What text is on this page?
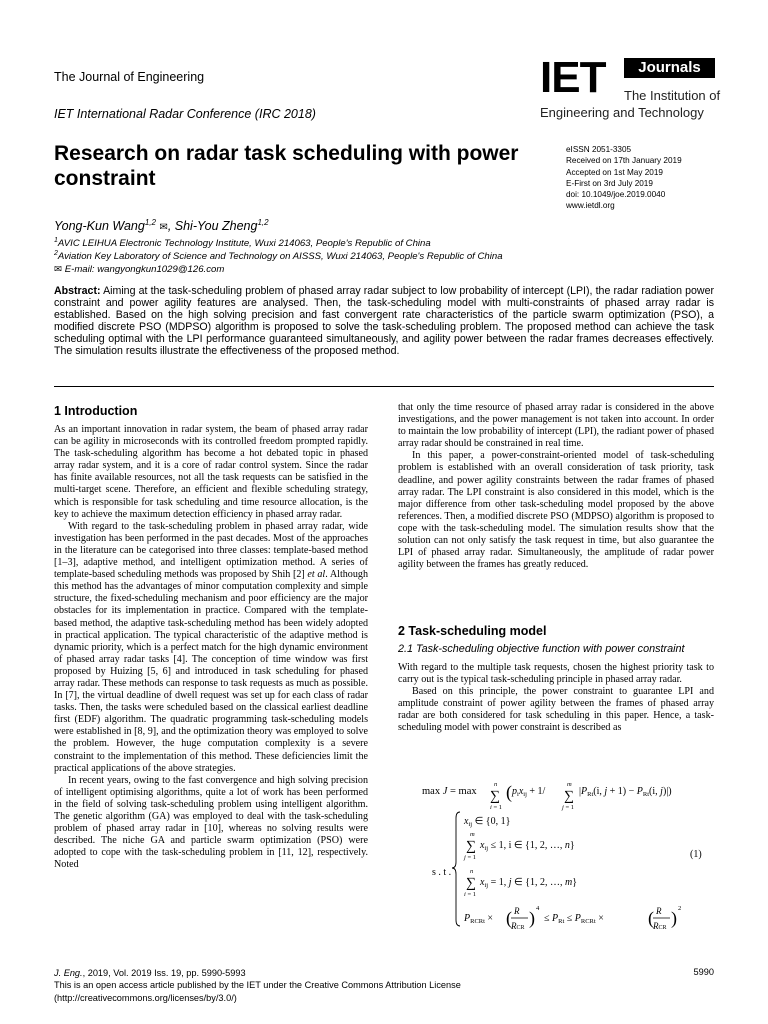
The Journal of Engineering
IET International Radar Conference (IRC 2018)
IET	Journals
The Institution of
Engineering and Technology
Research on radar task scheduling with power constraint
eISSN 2051-3305
Received on 17th January 2019
Accepted on 1st May 2019
E-First on 3rd July 2019
doi: 10.1049/joe.2019.0040
www.ietdl.org
Yong-Kun Wang$^{1,2}$ ✉, Shi-You Zheng$^{1,2}$
$^1$AVIC LEIHUA Electronic Technology Institute, Wuxi 214063, People's Republic of China
$^2$Aviation Key Laboratory of Science and Technology on AISSS, Wuxi 214063, People's Republic of China
✉ E-mail: wangyongkun1029@126.com
Abstract: Aiming at the task-scheduling problem of phased array radar subject to low probability of intercept (LPI), the radar radiation power constraint and power agility features are analysed. Then, the task-scheduling model with multi-constraints of phased array radar is established. Based on the high solving precision and fast convergent rate characteristics of the particle swarm optimization (PSO), a modified discrete PSO (MDPSO) algorithm is proposed to solve the task-scheduling problem. The proposed method can achieve the task scheduling optimal with the LPI performance guaranteed simultaneously, and agility power between the radar frames decreases effectively. The simulation results illustrate the effectiveness of the proposed method.
1 Introduction

As an important innovation in radar system, the beam of phased array radar can be agility in microseconds with its controlled freedom prompted rapidly. The task-scheduling algorithm has become a hot debated topic in phased array radar system, and it is a core of radar control system. Since the radar has finite available resources, not all the task requests can be satisfied in the multi-target scene. Therefore, an efficient and flexible scheduling strategy, which is responsible for task scheduling and time resource allocation, is the key to achieve the maximum detection efficiency in phased array radar.

With regard to the task-scheduling problem in phased array radar, wide investigation has been performed in the past decades. Most of the approaches in the literature can be categorised into three classes: template-based method [1–3], adaptive method, and intelligent optimization method. A series of template-based scheduling methods was proposed by Shih [2] et al. Although this method has the advantages of minor computation complexity and simple structure, the fixed-scheduling mechanism and poor efficiency are the major obstacles for its implementation in practice. Compared with the template-based method, the adaptive task-scheduling method has been widely adopted in practical application. The typical characteristic of the adaptive method is dynamic priority, which is a perfect match for the high dynamic environment of phased array radar tasks [4]. The conception of time window was first proposed by Huizing [5, 6] and introduced in task scheduling for phased array radar. These methods can response to task requests as much as possible. In [7], the virtual deadline of dwell request was set up for each class of radar tasks. Then, the tasks were scheduled based on the classical earliest deadline first (EDF) algorithm. The quadratic programming task-scheduling models were established in [8, 9], and the optimization theory was employed to solve the problem. However, the huge computation complexity is a severe constraint to the implementation of this method. These deficiencies limit the practical applications of the above strategies.

In recent years, owing to the fast convergence and high solving precision of intelligent optimising algorithms, quite a lot of work has been performed in the field of solving task-scheduling problem using intelligent algorithm. The genetic algorithm (GA) was employed to deal with the task-scheduling problem of phased array radar in [10], whereas no solving results were described. The niche GA and particle swarm optimization (PSO) were adopted to cope with the task-scheduling problem in [11, 12], respectively. Noted

that only the time resource of phased array radar is considered in the above investigations, and the power management is not taken into account. In order to maintain the low probability of intercept (LPI), the radiant power of phased array radar should be constrained in real time.

In this paper, a power-constraint-oriented model of task-scheduling problem is established with an overall consideration of task priority, task deadline, and power agility constraints between the radar frames of phased array radar. The LPI constraint is also considered in this model, which is the major difference from other task-scheduling model proposed by the above references. Then, a modified discrete PSO (MDPSO) algorithm is proposed to cope with the task-scheduling model. The simulation results show that the solution can not only satisfy the task request in time, but also guarantee the LPI of phased array radar. Simultaneously, the amplitude of radar power agility between the frames has greatly reduced.

2 Task-scheduling model
2.1 Task-scheduling objective function with power constraint

With regard to the multiple task requests, chosen the highest priority task to carry out is the typical task-scheduling principle in phased array radar.

Based on this principle, the power constraint to guarantee LPI and amplitude constraint of power agility between the frames of phased array radar are both considered for task scheduling in this paper. Hence, a task-scheduling model with power constraint is described as

max J = max
n
∑
i = 1
( $p_ix_{ij} + 1/$
m
∑
j = 1
$|P_{Rt}(i$, $j + 1) - P_{Rt}(i$, j)|)
s . t .
$x_{ij}$ ∈ {0, 1}
m
∑
j = 1
$x_{ij} \le 1$, i ∈ {1, 2, …, n}
(1)
n
∑
i = 1
$x_{ij} = 1$, j ∈ {1, 2, …, m}
$P_{RCRt}$ × ( R
RCR ) 4
≤ $P_{Rt} \le P_{RCRt}$ × ( R
RCR ) 2
J. Eng., 2019, Vol. 2019 Iss. 19, pp. 5990-5993
This is an open access article published by the IET under the Creative Commons Attribution License
(http://creativecommons.org/licenses/by/3.0/)
5990
